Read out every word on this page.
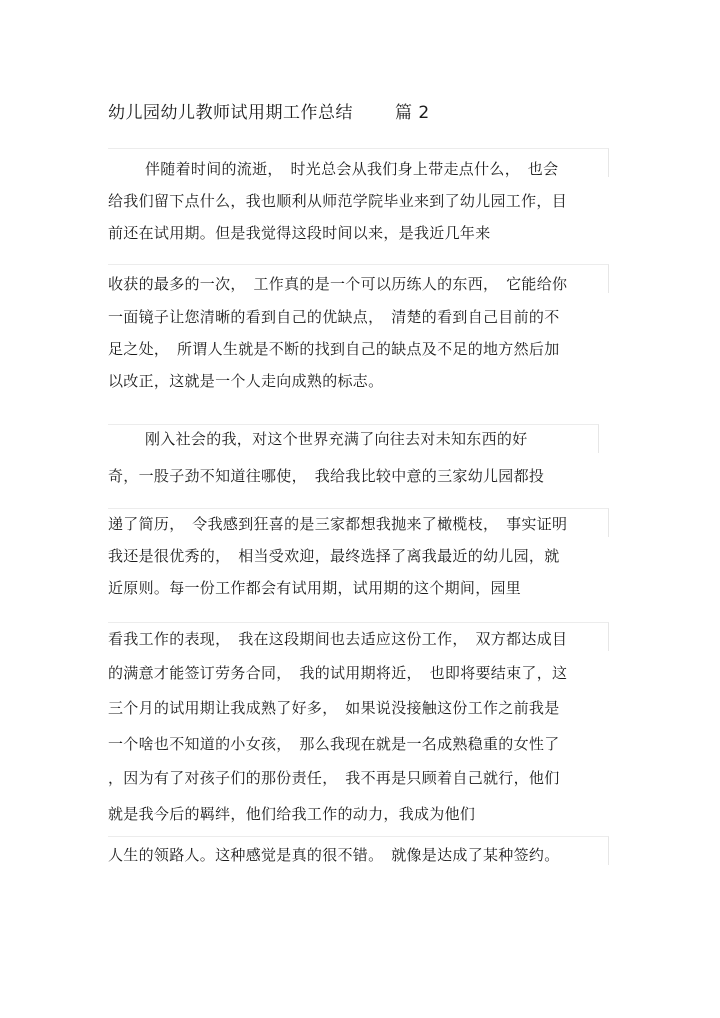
幼儿园幼儿教师试用期工作总结 篇 2
伴随着时间的流逝，　时光总会从我们身上带走点什么，　也会
给我们留下点什么，我也顺利从师范学院毕业来到了幼儿园工作，目
前还在试用期。但是我觉得这段时间以来，是我近几年来
收获的最多的一次，　工作真的是一个可以历练人的东西，　它能给你
一面镜子让您清晰的看到自己的优缺点，　清楚的看到自己目前的不
足之处，　所谓人生就是不断的找到自己的缺点及不足的地方然后加
以改正，这就是一个人走向成熟的标志。
刚入社会的我，对这个世界充满了向往去对未知东西的好
奇，一股子劲不知道往哪使，　我给我比较中意的三家幼儿园都投
递了简历，　令我感到狂喜的是三家都想我抛来了橄榄枝，　事实证明
我还是很优秀的，　相当受欢迎，最终选择了离我最近的幼儿园，就
近原则。每一份工作都会有试用期，试用期的这个期间，园里
看我工作的表现，　我在这段期间也去适应这份工作，　双方都达成目
的满意才能签订劳务合同，　我的试用期将近，　也即将要结束了，这
三个月的试用期让我成熟了好多，　如果说没接触这份工作之前我是
一个啥也不知道的小女孩，　那么我现在就是一名成熟稳重的女性了
，因为有了对孩子们的那份责任，　我不再是只顾着自己就行，他们
就是我今后的羁绊，他们给我工作的动力，我成为他们
人生的领路人。这种感觉是真的很不错。　就像是达成了某种签约。
